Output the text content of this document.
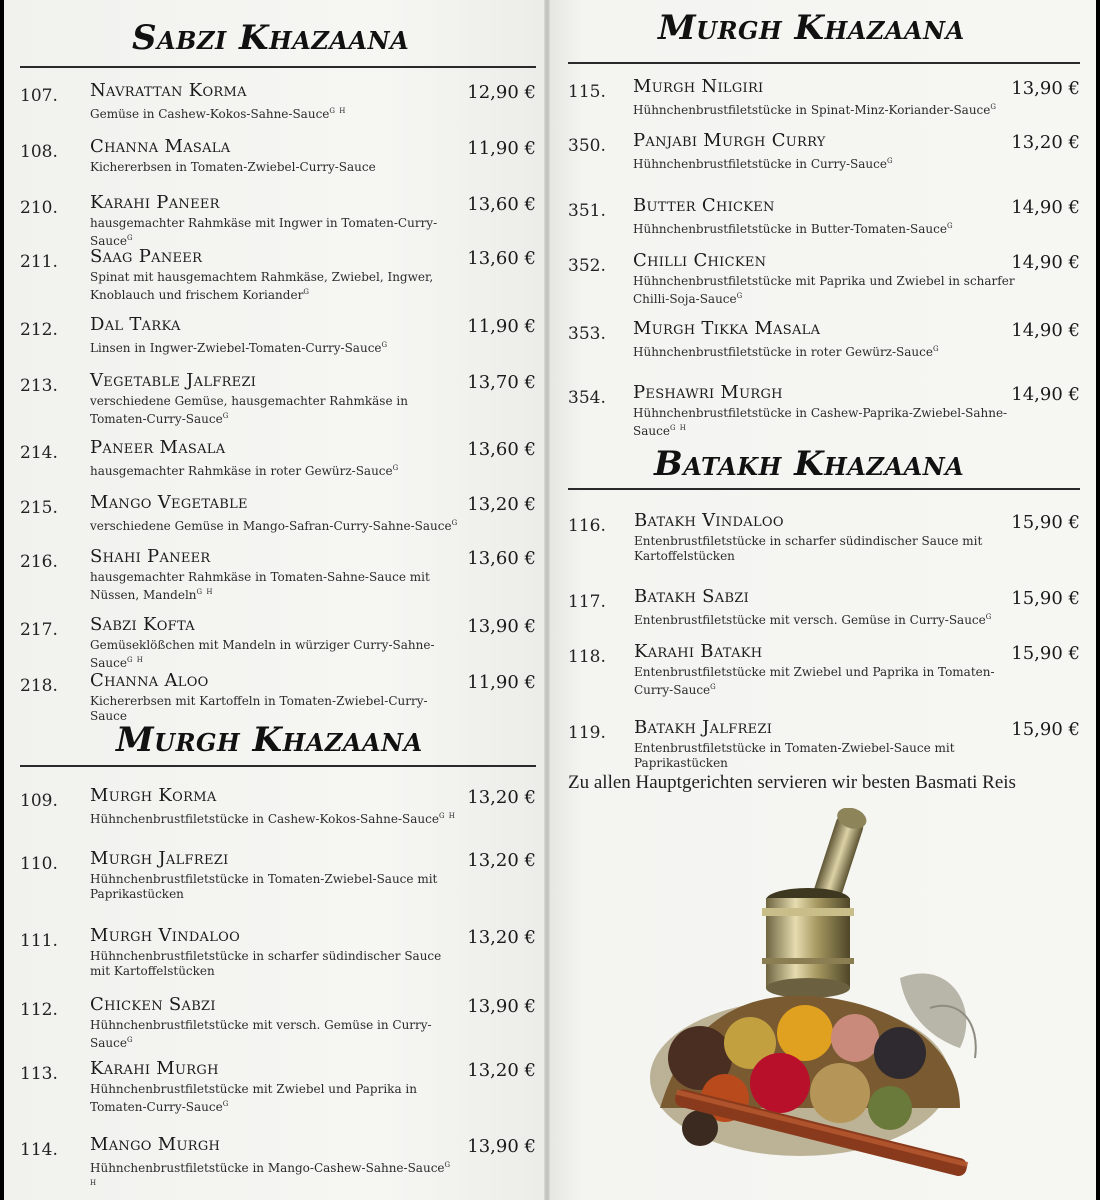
Sabzi Khazaana
Murgh Khazaana
Murgh Khazaana
Batakh Khazaana
107. Navrattan Korma
Gemüse in Cashew-Kokos-Sahne-Sauce$^{G H}$
12,90 €
108. Channa Masala
Kichererbsen in Tomaten-Zwiebel-Curry-Sauce
11,90 €
210. Karahi Paneer
hausgemachter Rahmkäse mit Ingwer in Tomaten-Curry-Sauce$^G$
13,60 €
211. Saag Paneer
Spinat mit hausgemachtem Rahmkäse, Zwiebel, Ingwer, Knoblauch und frischem Koriander$^G$
13,60 €
212. Dal Tarka
Linsen in Ingwer-Zwiebel-Tomaten-Curry-Sauce$^G$
11,90 €
213. Vegetable Jalfrezi
verschiedene Gemüse, hausgemachter Rahmkäse in Tomaten-Curry-Sauce$^G$
13,70 €
214. Paneer Masala
hausgemachter Rahmkäse in roter Gewürz-Sauce$^G$
13,60 €
215. Mango Vegetable
verschiedene Gemüse in Mango-Safran-Curry-Sahne-Sauce$^G$
13,20 €
216. Shahi Paneer
hausgemachter Rahmkäse in Tomaten-Sahne-Sauce mit Nüssen, Mandeln$^{G H}$
13,60 €
217. Sabzi Kofta
Gemüseklößchen mit Mandeln in würziger Curry-Sahne-Sauce$^{G H}$
13,90 €
218. Channa Aloo
Kichererbsen mit Kartoffeln in Tomaten-Zwiebel-Curry-Sauce
11,90 €
109. Murgh Korma
Hühnchenbrustfiletstücke in Cashew-Kokos-Sahne-Sauce$^{G H}$
13,20 €
110. Murgh Jalfrezi
Hühnchenbrustfiletstücke in Tomaten-Zwiebel-Sauce mit Paprikastücken
13,20 €
111. Murgh Vindaloo
Hühnchenbrustfiletstücke in scharfer südindischer Sauce mit Kartoffelstücken
13,20 €
112. Chicken Sabzi
Hühnchenbrustfiletstücke mit versch. Gemüse in Curry-Sauce$^G$
13,90 €
113. Karahi Murgh
Hühnchenbrustfiletstücke mit Zwiebel und Paprika in Tomaten-Curry-Sauce$^G$
13,20 €
114. Mango Murgh
Hühnchenbrustfiletstücke in Mango-Cashew-Sahne-Sauce$^{G H}$
13,90 €
115. Murgh Nilgiri
Hühnchenbrustfiletstücke in Spinat-Minz-Koriander-Sauce$^G$
13,90 €
350. Panjabi Murgh Curry
Hühnchenbrustfiletstücke in Curry-Sauce$^G$
13,20 €
351. Butter Chicken
Hühnchenbrustfiletstücke in Butter-Tomaten-Sauce$^G$
14,90 €
352. Chilli Chicken
Hühnchenbrustfiletstücke mit Paprika und Zwiebel in scharfer Chilli-Soja-Sauce$^G$
14,90 €
353. Murgh Tikka Masala
Hühnchenbrustfiletstücke in roter Gewürz-Sauce$^G$
14,90 €
354. Peshawri Murgh
Hühnchenbrustfiletstücke in Cashew-Paprika-Zwiebel-Sahne-Sauce$^{G H}$
14,90 €
116. Batakh Vindaloo
Entenbrustfiletstücke in scharfer südindischer Sauce mit Kartoffelstücken
15,90 €
117. Batakh Sabzi
Entenbrustfiletstücke mit versch. Gemüse in Curry-Sauce$^G$
15,90 €
118. Karahi Batakh
Entenbrustfiletstücke mit Zwiebel und Paprika in Tomaten-Curry-Sauce$^G$
15,90 €
119. Batakh Jalfrezi
Entenbrustfiletstücke in Tomaten-Zwiebel-Sauce mit Paprikastücken
15,90 €
Zu allen Hauptgerichten servieren wir besten Basmati Reis
